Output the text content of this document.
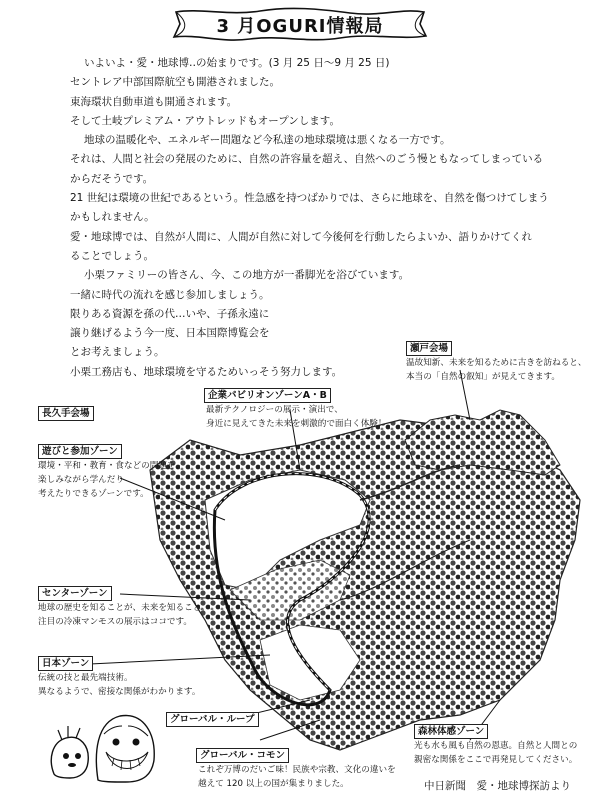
3 月OGURI情報局

いよいよ・愛・地球博‥の始まりです。(3 月 25 日〜9 月 25 日)

セントレア中部国際航空も開港されました。

東海環状自動車道も開通されます。

そして土岐プレミアム・アウトレッドもオープンします。

地球の温暖化や、エネルギー問題など今私達の地球環境は悪くなる一方です。

それは、人間と社会の発展のために、自然の許容量を超え、自然へのごう慢ともなってしまっている

からだそうです。

21 世紀は環境の世紀であるという。性急感を持つばかりでは、さらに地球を、自然を傷つけてしまう

かもしれません。

愛・地球博では、自然が人間に、人間が自然に対して今後何を行動したらよいか、語りかけてくれ

ることでしょう。

小栗ファミリーの皆さん、今、この地方が一番脚光を浴びています。

一緒に時代の流れを感じ参加しましょう。

限りある資源を孫の代…いや、子孫永遠に

譲り継げるよう今一度、日本国際博覧会を

とお考えましょう。

小栗工務店も、地球環境を守るためいっそう努力します。

瀬戸会場
温故知新、未来を知るために古きを訪ねると、
本当の「自然の叡知」が見えてきます。
長久手会場
企業パビリオンゾーンA・B
最新テクノロジーの展示・演出で、
身近に見えてきた未来を刺激的で面白く体験！
遊びと参加ゾーン
環境・平和・教育・食などの問題を、
楽しみながら学んだり
考えたりできるゾーンです。
センターゾーン
地球の歴史を知ることが、未来を知ること。
注目の冷凍マンモスの展示はココです。
日本ゾーン
伝統の技と最先端技術。
異なるようで、密接な関係がわかります。
グローバル・ループ
グローバル・コモン
これぞ万博のだいご味！民族や宗教、文化の違いを
越えて 120 以上の国が集まりました。
森林体感ゾーン
光も水も風も自然の恩恵。自然と人間との
親密な関係をここで再発見してください。
中日新聞　愛・地球博探訪より
